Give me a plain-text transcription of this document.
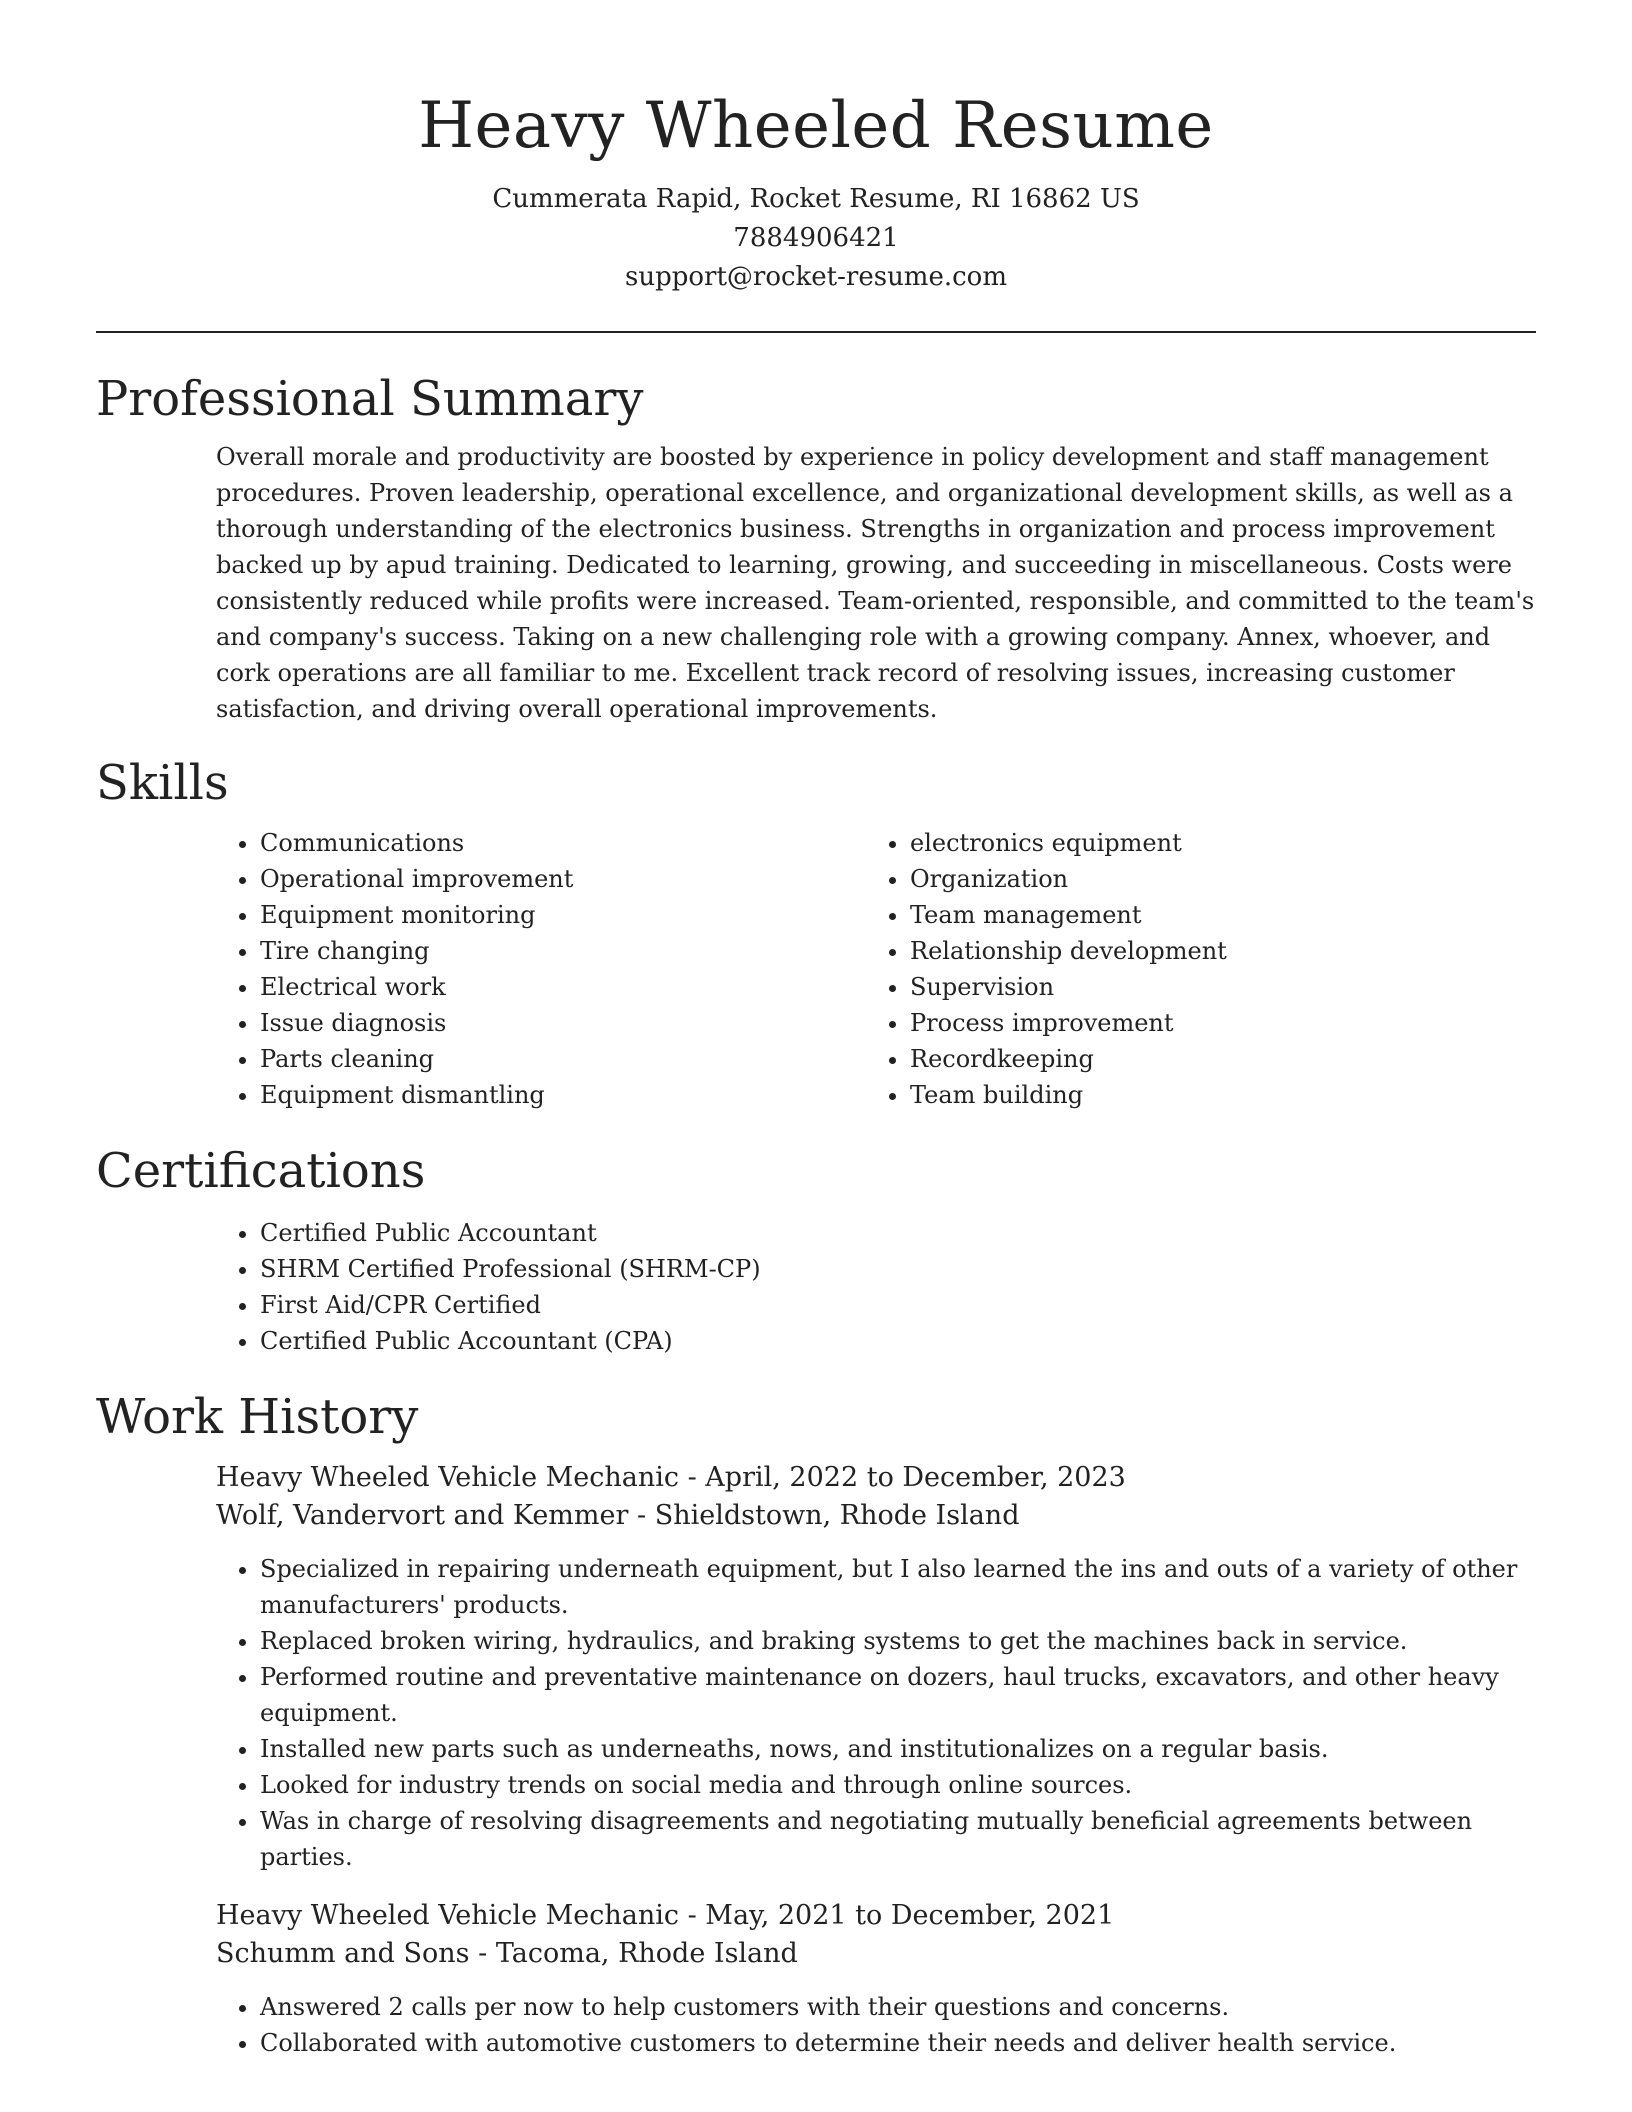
Heavy Wheeled Resume
Cummerata Rapid, Rocket Resume, RI 16862 US
7884906421
support@rocket-resume.com
Professional Summary

Overall morale and productivity are boosted by experience in policy development and staff management procedures. Proven leadership, operational excellence, and organizational development skills, as well as a thorough understanding of the electronics business. Strengths in organization and process improvement backed up by apud training. Dedicated to learning, growing, and succeeding in miscellaneous. Costs were consistently reduced while profits were increased. Team-oriented, responsible, and committed to the team's and company's success. Taking on a new challenging role with a growing company. Annex, whoever, and cork operations are all familiar to me. Excellent track record of resolving issues, increasing customer satisfaction, and driving overall operational improvements.

Skills
• Communications
• Operational improvement
• Equipment monitoring
• Tire changing
• Electrical work
• Issue diagnosis
• Parts cleaning
• Equipment dismantling
• electronics equipment
• Organization
• Team management
• Relationship development
• Supervision
• Process improvement
• Recordkeeping
• Team building
Certifications
• Certified Public Accountant
• SHRM Certified Professional (SHRM-CP)
• First Aid/CPR Certified
• Certified Public Accountant (CPA)
Work History
Heavy Wheeled Vehicle Mechanic - April, 2022 to December, 2023
Wolf, Vandervort and Kemmer - Shieldstown, Rhode Island
• Specialized in repairing underneath equipment, but I also learned the ins and outs of a variety of other manufacturers' products.
• Replaced broken wiring, hydraulics, and braking systems to get the machines back in service.
• Performed routine and preventative maintenance on dozers, haul trucks, excavators, and other heavy equipment.
• Installed new parts such as underneaths, nows, and institutionalizes on a regular basis.
• Looked for industry trends on social media and through online sources.
• Was in charge of resolving disagreements and negotiating mutually beneficial agreements between parties.
Heavy Wheeled Vehicle Mechanic - May, 2021 to December, 2021
Schumm and Sons - Tacoma, Rhode Island
• Answered 2 calls per now to help customers with their questions and concerns.
• Collaborated with automotive customers to determine their needs and deliver health service.
